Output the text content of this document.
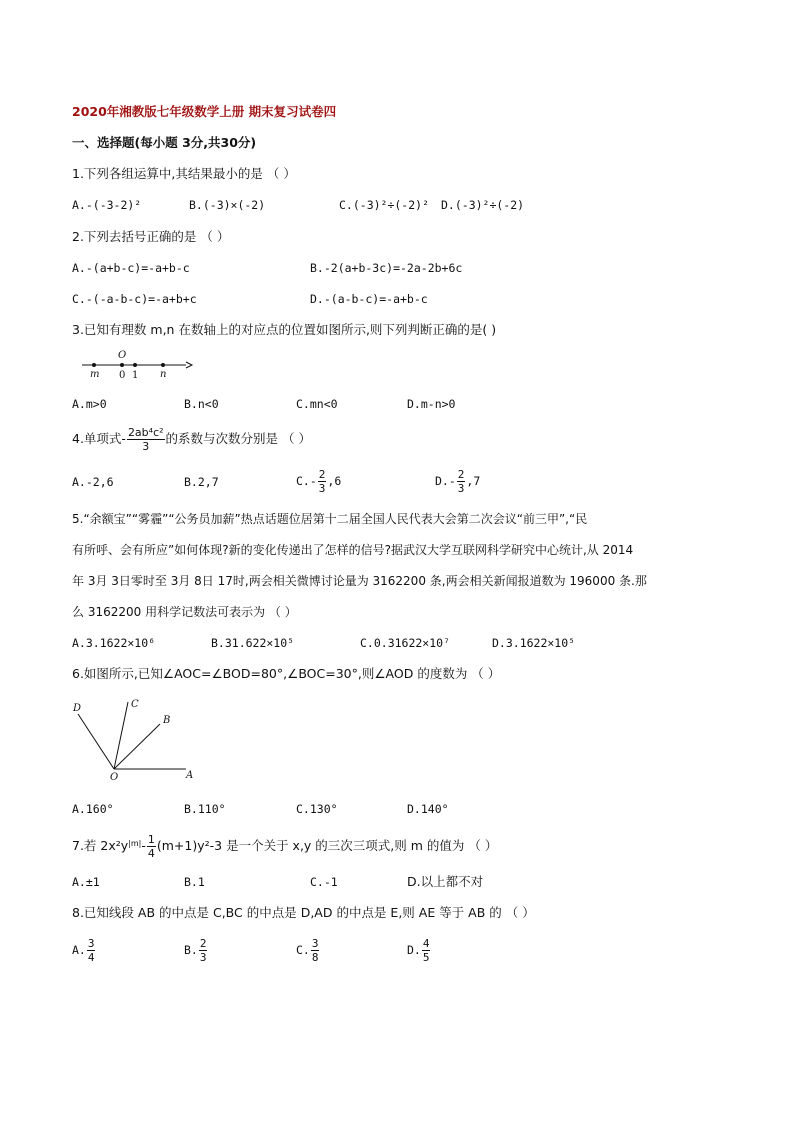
2020年湘教版七年级数学上册 期末复习试卷四
一、选择题(每小题 3分,共30分)
1.下列各组运算中,其结果最小的是 （ ）
A.-(-3-2)²	B.(-3)×(-2)	C.(-3)²÷(-2)² D.(-3)²÷(-2)
2.下列去括号正确的是 （ ）
A.-(a+b-c)=-a+b-c	B.-2(a+b-3c)=-2a-2b+6c
C.-(-a-b-c)=-a+b+c	D.-(a-b-c)=-a+b-c
3.已知有理数 m,n 在数轴上的对应点的位置如图所示,则下列判断正确的是( )
O
m 0 1 n
A.m>0	B.n<0	C.mn<0	D.m-n>0
4.单项式- $\frac{\text{2ab⁴c²}}{3}$ 的系数与次数分别是 （ ）
A.-2,6	B.2,7	$C.- \frac{2}{3} ,6$	$D.- \frac{2}{3} ,7$
5.“余额宝”“雾霾”“公务员加薪”热点话题位居第十二届全国人民代表大会第二次会议“前三甲”,“民
有所呼、会有所应”如何体现?新的变化传递出了怎样的信号?据武汉大学互联网科学研究中心统计,从 2014
年 3月 3日零时至 3月 8日 17时,两会相关微博讨论量为 3162200 条,两会相关新闻报道数为 196000 条.那
么 3162200 用科学记数法可表示为 （ ）
A.3.1622×10⁶	B.31.622×10⁵	C.0.31622×10⁷	D.3.1622×10⁵
6.如图所示,已知∠AOC=∠BOD=80°,∠BOC=30°,则∠AOD 的度数为 （ ）
D	C
B
O	A
A.160°	B.110°	C.130°	D.140°
7.若 $2x^2y^{|m|}- \frac{1}{4} (m+1)y^2-3$ 是一个关于 x,y 的三次三项式,则 m 的值为 （ ）
A.±1	B.1	C.-1	D.以上都不对
8.已知线段 AB 的中点是 C,BC 的中点是 D,AD 的中点是 E,则 AE 等于 AB 的 （ ）
A. $\frac{3}{4}$	B. $\frac{2}{3}$	C. $\frac{3}{8}$	D. $\frac{4}{5}$
